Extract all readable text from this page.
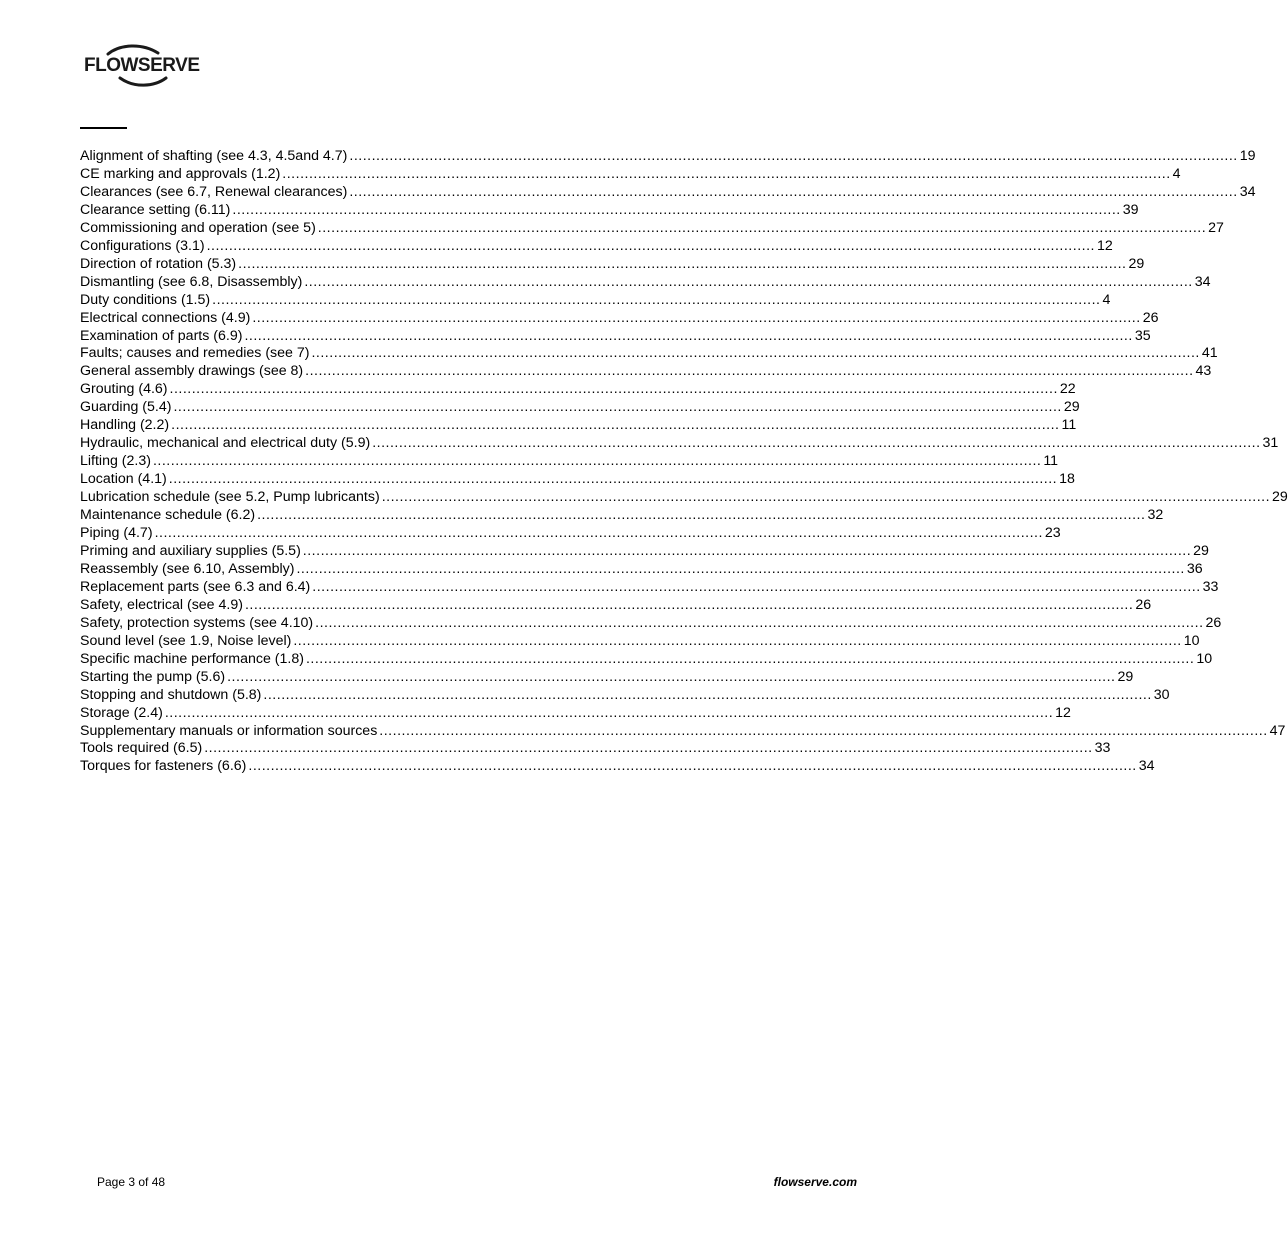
FLOWSERVE
Alignment of shafting (see 4.3, 4.5and 4.7) ........................................................................................................................................................................................................ 19
CE marking and approvals (1.2) ........................................................................................................................................................................................................ 4
Clearances (see 6.7, Renewal clearances) ........................................................................................................................................................................................................ 34
Clearance setting (6.11) ........................................................................................................................................................................................................ 39
Commissioning and operation (see 5) ........................................................................................................................................................................................................ 27
Configurations (3.1) ........................................................................................................................................................................................................ 12
Direction of rotation (5.3) ........................................................................................................................................................................................................ 29
Dismantling (see 6.8, Disassembly) ........................................................................................................................................................................................................ 34
Duty conditions (1.5) ........................................................................................................................................................................................................ 4
Electrical connections (4.9) ........................................................................................................................................................................................................ 26
Examination of parts (6.9) ........................................................................................................................................................................................................ 35
Faults; causes and remedies (see 7) ........................................................................................................................................................................................................ 41
General assembly drawings (see 8) ........................................................................................................................................................................................................ 43
Grouting (4.6) ........................................................................................................................................................................................................ 22
Guarding (5.4) ........................................................................................................................................................................................................ 29
Handling (2.2) ........................................................................................................................................................................................................ 11
Hydraulic, mechanical and electrical duty (5.9) ........................................................................................................................................................................................................ 31
Lifting (2.3) ........................................................................................................................................................................................................ 11
Location (4.1) ........................................................................................................................................................................................................ 18
Lubrication schedule (see 5.2, Pump lubricants) ........................................................................................................................................................................................................ 29
Maintenance schedule (6.2) ........................................................................................................................................................................................................ 32
Piping (4.7) ........................................................................................................................................................................................................ 23
Priming and auxiliary supplies (5.5) ........................................................................................................................................................................................................ 29
Reassembly (see 6.10, Assembly) ........................................................................................................................................................................................................ 36
Replacement parts (see 6.3 and 6.4) ........................................................................................................................................................................................................ 33
Safety, electrical (see 4.9) ........................................................................................................................................................................................................ 26
Safety, protection systems (see 4.10) ........................................................................................................................................................................................................ 26
Sound level (see 1.9, Noise level) ........................................................................................................................................................................................................ 10
Specific machine performance (1.8) ........................................................................................................................................................................................................ 10
Starting the pump (5.6) ........................................................................................................................................................................................................ 29
Stopping and shutdown (5.8) ........................................................................................................................................................................................................ 30
Storage (2.4) ........................................................................................................................................................................................................ 12
Supplementary manuals or information sources ........................................................................................................................................................................................................ 47
Tools required (6.5) ........................................................................................................................................................................................................ 33
Torques for fasteners (6.6) ........................................................................................................................................................................................................ 34
Page 3 of 48	flowserve.com
